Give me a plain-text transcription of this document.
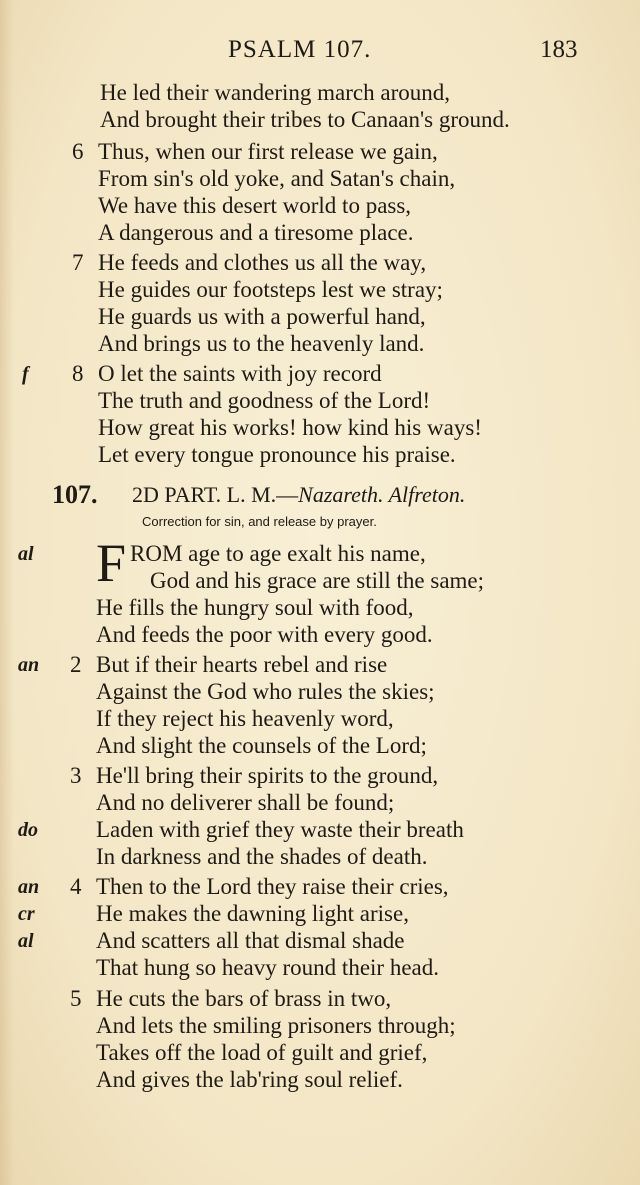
PSALM 107.	183
He led their wandering march around,
And brought their tribes to Canaan's ground.
6 Thus, when our first release we gain,
From sin's old yoke, and Satan's chain,
We have this desert world to pass,
A dangerous and a tiresome place.
7 He feeds and clothes us all the way,
He guides our footsteps lest we stray;
He guards us with a powerful hand,
And brings us to the heavenly land.
f 8 O let the saints with joy record
The truth and goodness of the Lord!
How great his works! how kind his ways!
Let every tongue pronounce his praise.
107. 2D PART. L. M.—Nazareth. Alfreton.
Correction for sin, and release by prayer.
al F ROM age to age exalt his name,
God and his grace are still the same;
He fills the hungry soul with food,
And feeds the poor with every good.
an 2 But if their hearts rebel and rise
Against the God who rules the skies;
If they reject his heavenly word,
And slight the counsels of the Lord;
3 He'll bring their spirits to the ground,
And no deliverer shall be found;
do	Laden with grief they waste their breath
In darkness and the shades of death.
an 4 Then to the Lord they raise their cries,
cr	He makes the dawning light arise,
al	And scatters all that dismal shade
That hung so heavy round their head.
5 He cuts the bars of brass in two,
And lets the smiling prisoners through;
Takes off the load of guilt and grief,
And gives the lab'ring soul relief.
